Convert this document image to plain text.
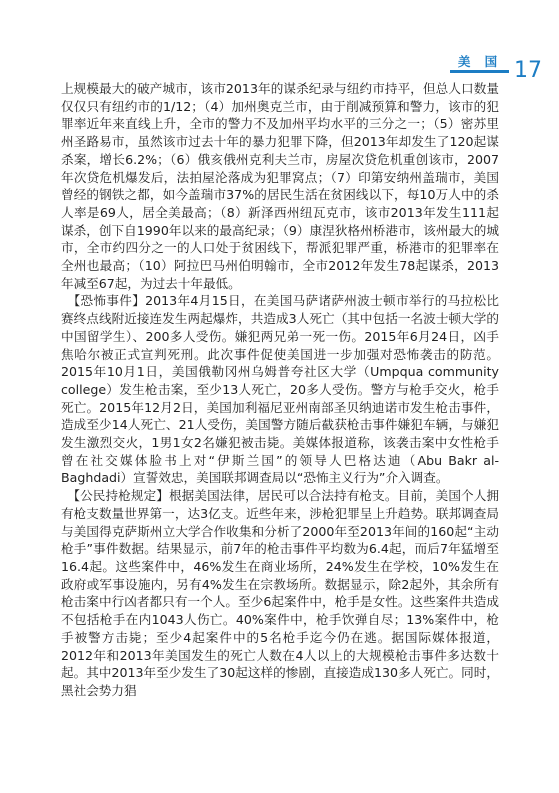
美 国 17

上规模最大的破产城市，该市2013年的谋杀纪录与纽约市持平，但总人口数量仅仅只有纽约市的1/12；（4）加州奥克兰市，由于削减预算和警力，该市的犯罪率近年来直线上升，全市的警力不及加州平均水平的三分之一；（5）密苏里州圣路易市，虽然该市过去十年的暴力犯罪下降，但2013年却发生了120起谋杀案，增长6.2%；（6）俄亥俄州克利夫兰市，房屋次贷危机重创该市，2007年次贷危机爆发后，法拍屋沦落成为犯罪窝点；（7）印第安纳州盖瑞市，美国曾经的钢铁之都，如今盖瑞市37%的居民生活在贫困线以下，每10万人中的杀人率是69人，居全美最高；（8）新泽西州纽瓦克市，该市2013年发生111起谋杀，创下自1990年以来的最高纪录；（9）康涅狄格州桥港市，该州最大的城市，全市约四分之一的人口处于贫困线下，帮派犯罪严重，桥港市的犯罪率在全州也最高；（10）阿拉巴马州伯明翰市，全市2012年发生78起谋杀，2013年减至67起，为过去十年最低。

　【恐怖事件】2013年4月15日，在美国马萨诸萨州波士顿市举行的马拉松比赛终点线附近接连发生两起爆炸，共造成3人死亡（其中包括一名波士顿大学的中国留学生）、200多人受伤。嫌犯两兄弟一死一伤。2015年6月24日，凶手焦哈尔被正式宣判死刑。此次事件促使美国进一步加强对恐怖袭击的防范。2015年10月1日，美国俄勒冈州乌姆普夸社区大学（Umpqua community college）发生枪击案，至少13人死亡，20多人受伤。警方与枪手交火，枪手死亡。2015年12月2日，美国加利福尼亚州南部圣贝纳迪诺市发生枪击事件，造成至少14人死亡、21人受伤，美国警方随后截获枪击事件嫌犯车辆，与嫌犯发生激烈交火，1男1女2名嫌犯被击毙。美媒体报道称，该袭击案中女性枪手曾在社交媒体脸书上对“伊斯兰国”的领导人巴格达迪（Abu Bakr al-Baghdadi）宣誓效忠，美国联邦调查局以“恐怖主义行为”介入调查。

　【公民持枪规定】根据美国法律，居民可以合法持有枪支。目前，美国个人拥有枪支数量世界第一，达3亿支。近些年来，涉枪犯罪呈上升趋势。联邦调查局与美国得克萨斯州立大学合作收集和分析了2000年至2013年间的160起“主动枪手”事件数据。结果显示，前7年的枪击事件平均数为6.4起，而后7年猛增至16.4起。这些案件中，46%发生在商业场所，24%发生在学校，10%发生在政府或军事设施内，另有4%发生在宗教场所。数据显示，除2起外，其余所有枪击案中行凶者都只有一个人。至少6起案件中，枪手是女性。这些案件共造成不包括枪手在内1043人伤亡。40%案件中，枪手饮弹自尽；13%案件中，枪手被警方击毙；至少4起案件中的5名枪手迄今仍在逃。据国际媒体报道，2012年和2013年美国发生的死亡人数在4人以上的大规模枪击事件多达数十起。其中2013年至少发生了30起这样的惨剧，直接造成130多人死亡。同时，黑社会势力猖
